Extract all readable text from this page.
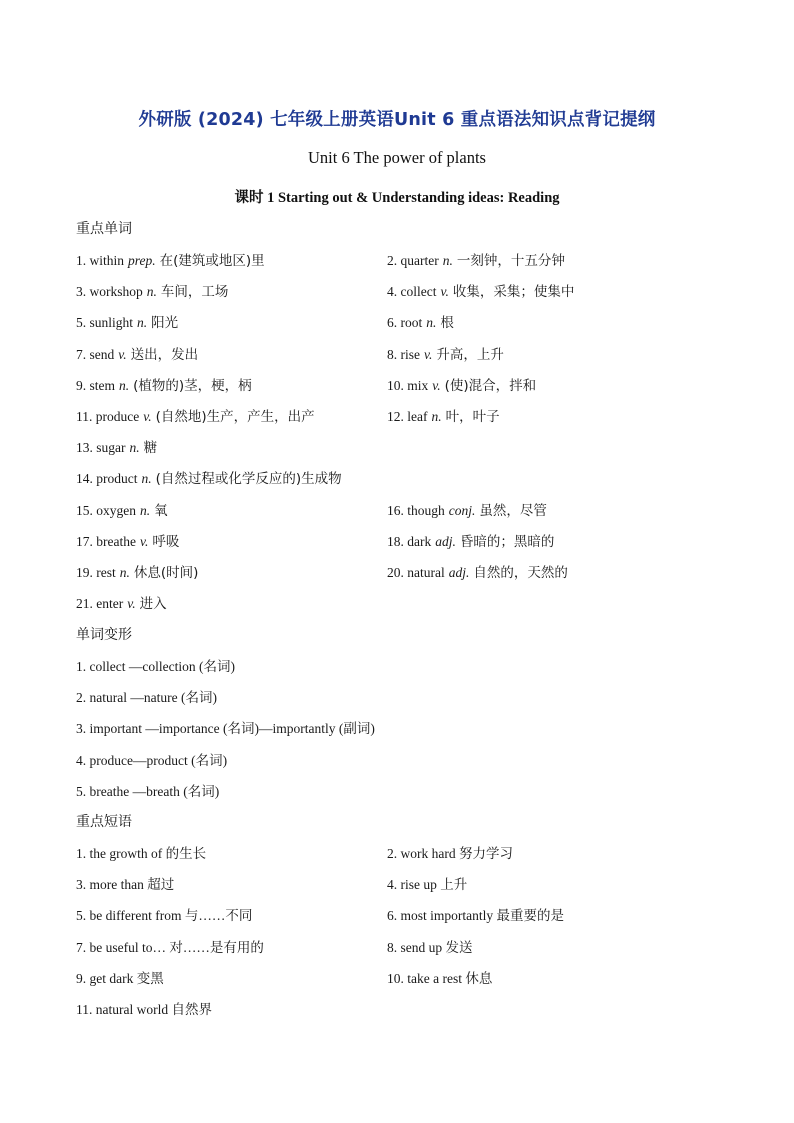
外研版 (2024) 七年级上册英语Unit 6 重点语法知识点背记提纲
Unit 6 The power of plants
课时 1 Starting out & Understanding ideas: Reading
重点单词
1. within prep. 在(建筑或地区)里	2. quarter n. 一刻钟，十五分钟
3. workshop n. 车间，工场	4. collect v. 收集，采集；使集中
5. sunlight n. 阳光	6. root n. 根
7. send v. 送出，发出	8. rise v. 升高，上升
9. stem n. (植物的)茎，梗，柄	10. mix v. (使)混合，拌和
11. produce v. (自然地)生产，产生，出产	12. leaf n. 叶，叶子
13. sugar n. 糖
14. product n. (自然过程或化学反应的)生成物
15. oxygen n. 氧	16. though conj. 虽然，尽管
17. breathe v. 呼吸	18. dark adj. 昏暗的；黑暗的
19. rest n. 休息(时间)	20. natural adj. 自然的，天然的
21. enter v. 进入
单词变形
1. collect —collection (名词)
2. natural —nature (名词)
3. important —importance (名词)—importantly (副词)
4. produce—product (名词)
5. breathe —breath (名词)
重点短语
1. the growth of 的生长	2. work hard 努力学习
3. more than 超过	4. rise up 上升
5. be different from 与……不同	6. most importantly 最重要的是
7. be useful to… 对……是有用的	8. send up 发送
9. get dark 变黑	10. take a rest 休息
11. natural world 自然界
